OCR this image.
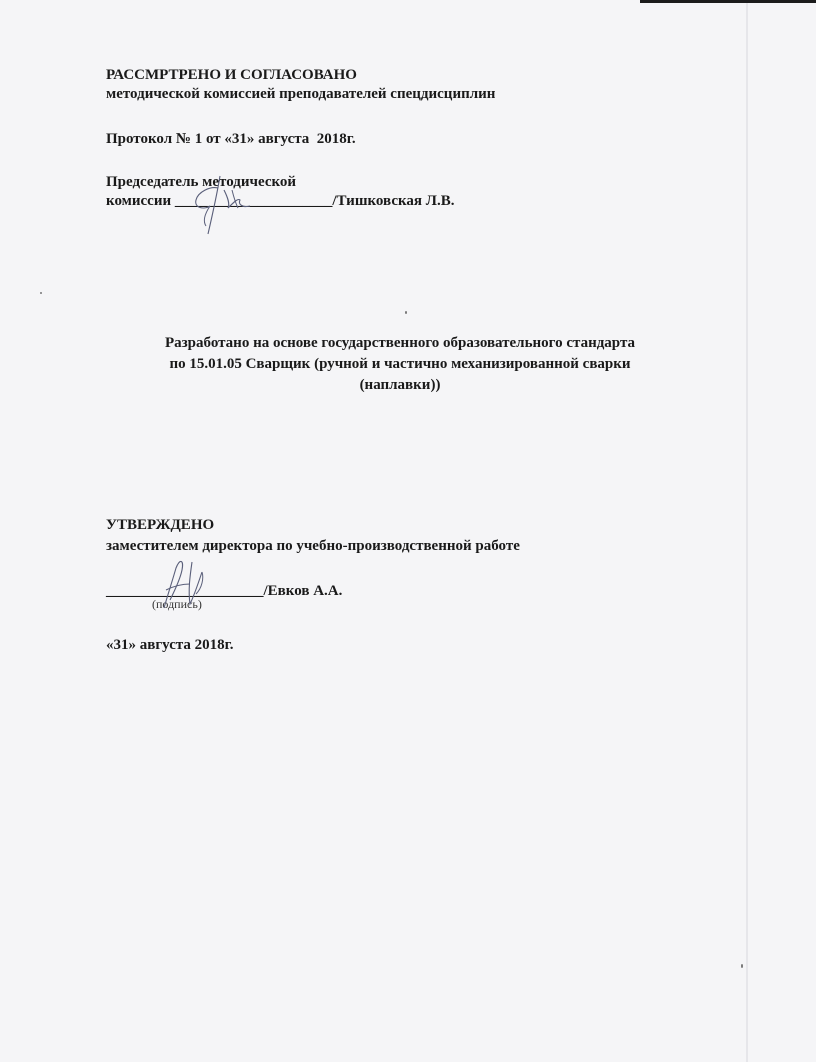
РАССМРТРЕНО И СОГЛАСОВАНО
методической комиссией преподавателей спецдисциплин
Протокол № 1 от «31» августа  2018г.
Председатель методической
комиссии _____________________/Тишковская Л.В.
Разработано на основе государственного образовательного стандарта
по 15.01.05 Сварщик (ручной и частично механизированной сварки
(наплавки))
УТВЕРЖДЕНО
заместителем директора по учебно-производственной работе
_____________________/Евков А.А.
(подпись)
«31» августа 2018г.
